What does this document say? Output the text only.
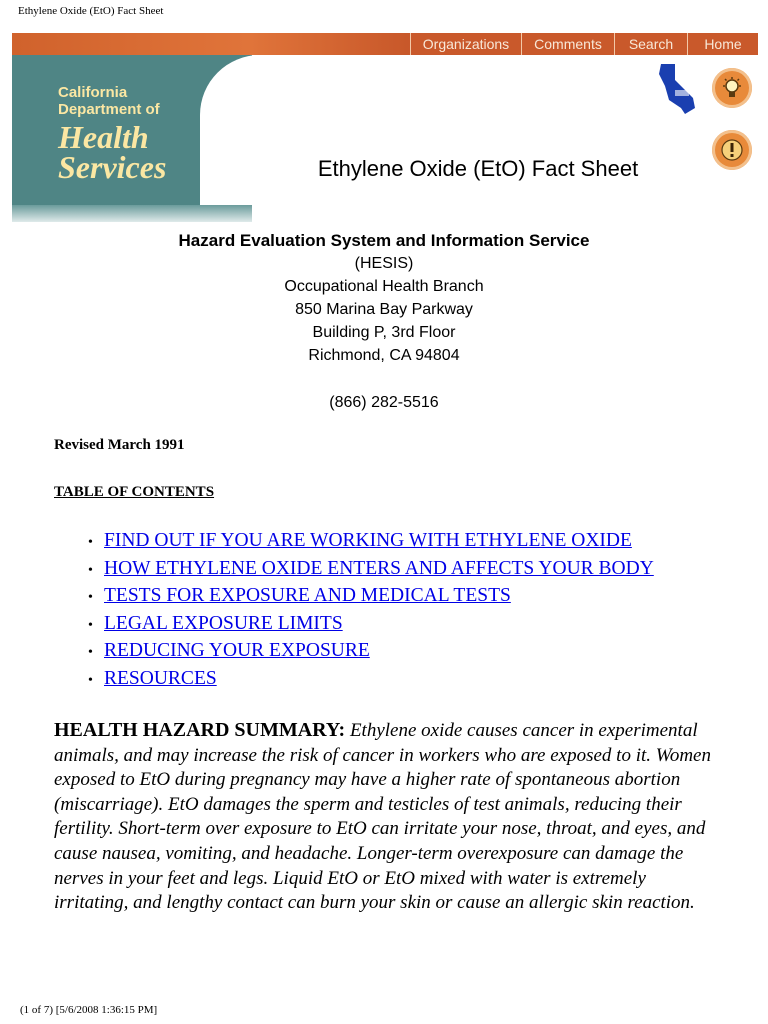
Ethylene Oxide (EtO) Fact Sheet
Organizations	Comments	Search	Home
California
Department of
Health
Services	Ethylene Oxide (EtO) Fact Sheet
Hazard Evaluation System and Information Service
(HESIS)
Occupational Health Branch
850 Marina Bay Parkway
Building P, 3rd Floor
Richmond, CA 94804
(866) 282-5516
Revised March 1991
TABLE OF CONTENTS
• FIND OUT IF YOU ARE WORKING WITH ETHYLENE OXIDE
• HOW ETHYLENE OXIDE ENTERS AND AFFECTS YOUR BODY
• TESTS FOR EXPOSURE AND MEDICAL TESTS
• LEGAL EXPOSURE LIMITS
• REDUCING YOUR EXPOSURE
• RESOURCES
HEALTH HAZARD SUMMARY: Ethylene oxide causes cancer in experimental animals, and may increase the risk of cancer in workers who are exposed to it. Women exposed to EtO during pregnancy may have a higher rate of spontaneous abortion (miscarriage). EtO damages the sperm and testicles of test animals, reducing their fertility. Short-term over exposure to EtO can irritate your nose, throat, and eyes, and cause nausea, vomiting, and headache. Longer-term overexposure can damage the nerves in your feet and legs. Liquid EtO or EtO mixed with water is extremely irritating, and lengthy contact can burn your skin or cause an allergic skin reaction.
(1 of 7) [5/6/2008 1:36:15 PM]
